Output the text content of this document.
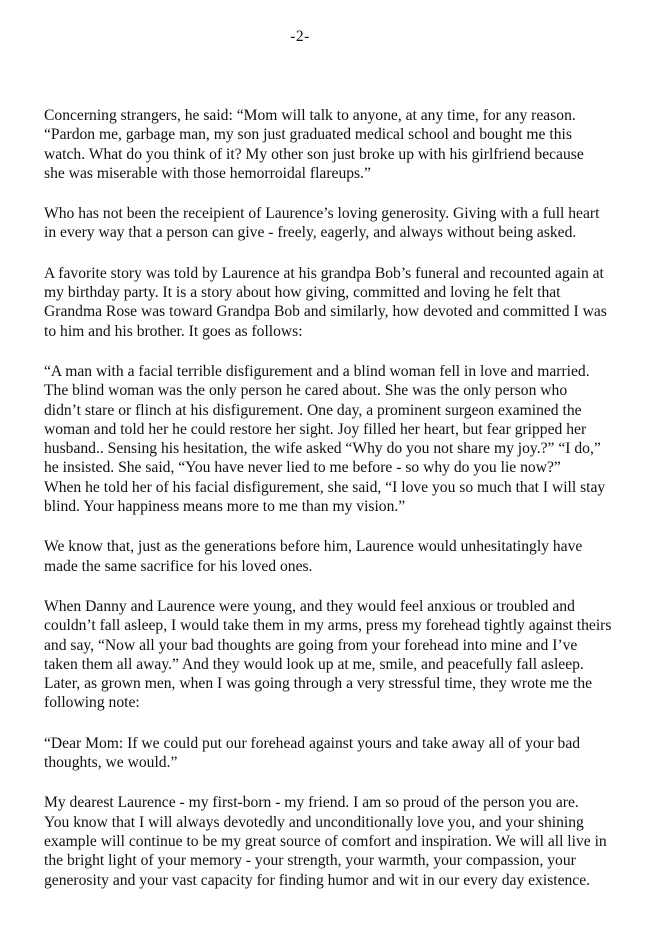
-2-

Concerning strangers, he said: “Mom will talk to anyone, at any time, for any reason.
“Pardon me, garbage man, my son just graduated medical school and bought me this
watch. What do you think of it? My other son just broke up with his girlfriend because
she was miserable with those hemorroidal flareups.”

Who has not been the receipient of Laurence’s loving generosity. Giving with a full heart
in every way that a person can give - freely, eagerly, and always without being asked.

A favorite story was told by Laurence at his grandpa Bob’s funeral and recounted again at
my birthday party. It is a story about how giving, committed and loving he felt that
Grandma Rose was toward Grandpa Bob and similarly, how devoted and committed I was
to him and his brother. It goes as follows:

“A man with a facial terrible disfigurement and a blind woman fell in love and married.
The blind woman was the only person he cared about. She was the only person who
didn’t stare or flinch at his disfigurement. One day, a prominent surgeon examined the
woman and told her he could restore her sight. Joy filled her heart, but fear gripped her
husband.. Sensing his hesitation, the wife asked “Why do you not share my joy.?” “I do,”
he insisted. She said, “You have never lied to me before - so why do you lie now?”
When he told her of his facial disfigurement, she said, “I love you so much that I will stay
blind. Your happiness means more to me than my vision.”

We know that, just as the generations before him, Laurence would unhesitatingly have
made the same sacrifice for his loved ones.

When Danny and Laurence were young, and they would feel anxious or troubled and
couldn’t fall asleep, I would take them in my arms, press my forehead tightly against theirs
and say, “Now all your bad thoughts are going from your forehead into mine and I’ve
taken them all away.” And they would look up at me, smile, and peacefully fall asleep.
Later, as grown men, when I was going through a very stressful time, they wrote me the
following note:

“Dear Mom: If we could put our forehead against yours and take away all of your bad
thoughts, we would.”

My dearest Laurence - my first-born - my friend. I am so proud of the person you are.
You know that I will always devotedly and unconditionally love you, and your shining
example will continue to be my great source of comfort and inspiration. We will all live in
the bright light of your memory - your strength, your warmth, your compassion, your
generosity and your vast capacity for finding humor and wit in our every day existence.
